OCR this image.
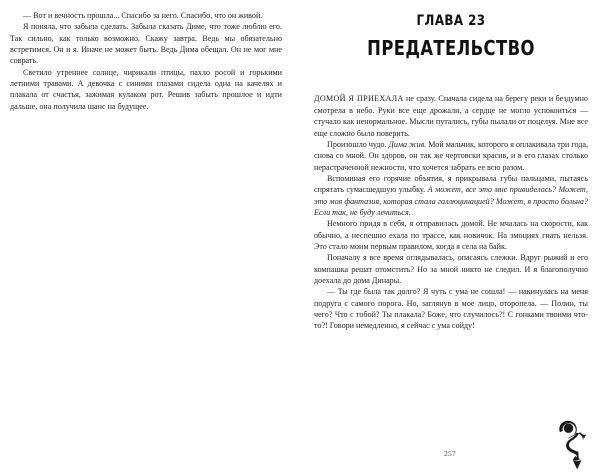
— Вот и вечность прошла... Спасибо за него. Спасибо, что он живой.

Я поняла, что забыла сделать. Забыла сказать Диме, что тоже люблю его. Так сильно, как только возможно. Скажу завтра. Ведь мы обязательно встретимся. Он и я. Иначе не может быть. Ведь Дима обещал. Он не мог мне соврать.

Светило утреннее солнце, чирикали птицы, пахло росой и горькими летними травами. А девочка с синими глазами сидела одна на качелях и плакала от счастья, зажимая кулаком рот. Решив забыть прошлое и идти дальше, она получила шанс на будущее.

ГЛАВА 23
ПРЕДАТЕЛЬСТВО

ДОМОЙ Я ПРИЕХАЛА не сразу. Сначала сидела на берегу реки и бездумно смотрела в небо. Руки все еще дрожали, а сердце не могло успокоиться — стучало как ненормальное. Мысли путались, губы пылали от поцелуя. Мне все еще сложно было поверить.

Произошло чудо. Дима жив. Мой мальчик, которого я оплакивала три года, снова со мной. Он здоров, он так же чертовски красив, и в его глазах столько нерастраченной нежности, что хочется забрать ее всю разом.

Вспоминая его горячие объятия, я прикрывала губы пальцами, пытаясь спрятать сумасшедшую улыбку. А может, все это мне привиделось? Может, это моя фантазия, которая стала галлюцинацией? Может, я просто больна? Если так, не буду лечиться.

Немного придя в себя, я отправилась домой. Не мчалась на скорости, как обычно, а неспешно ехала по трассе, как новичок. На эмоциях гнать нельзя. Это стало моим первым правилом, когда я села на байк.

Поначалу я все время оглядывалась, опасаясь слежки. Вдруг рыжий и его компашка решат отомстить? Но за мной никто не следил. И я благополучно доехала до дома Динары.

— Ты где была так долго? Я чуть с ума не сошла! — накинулась на меня подруга с самого порога. Но, заглянув в мое лицо, оторопела. — Полин, ты чего? Что с тобой? Ты плакала? Боже, что случилось?! С гонками твоими что-то?! Говори немедленно, я сейчас с ума сойду!

257
